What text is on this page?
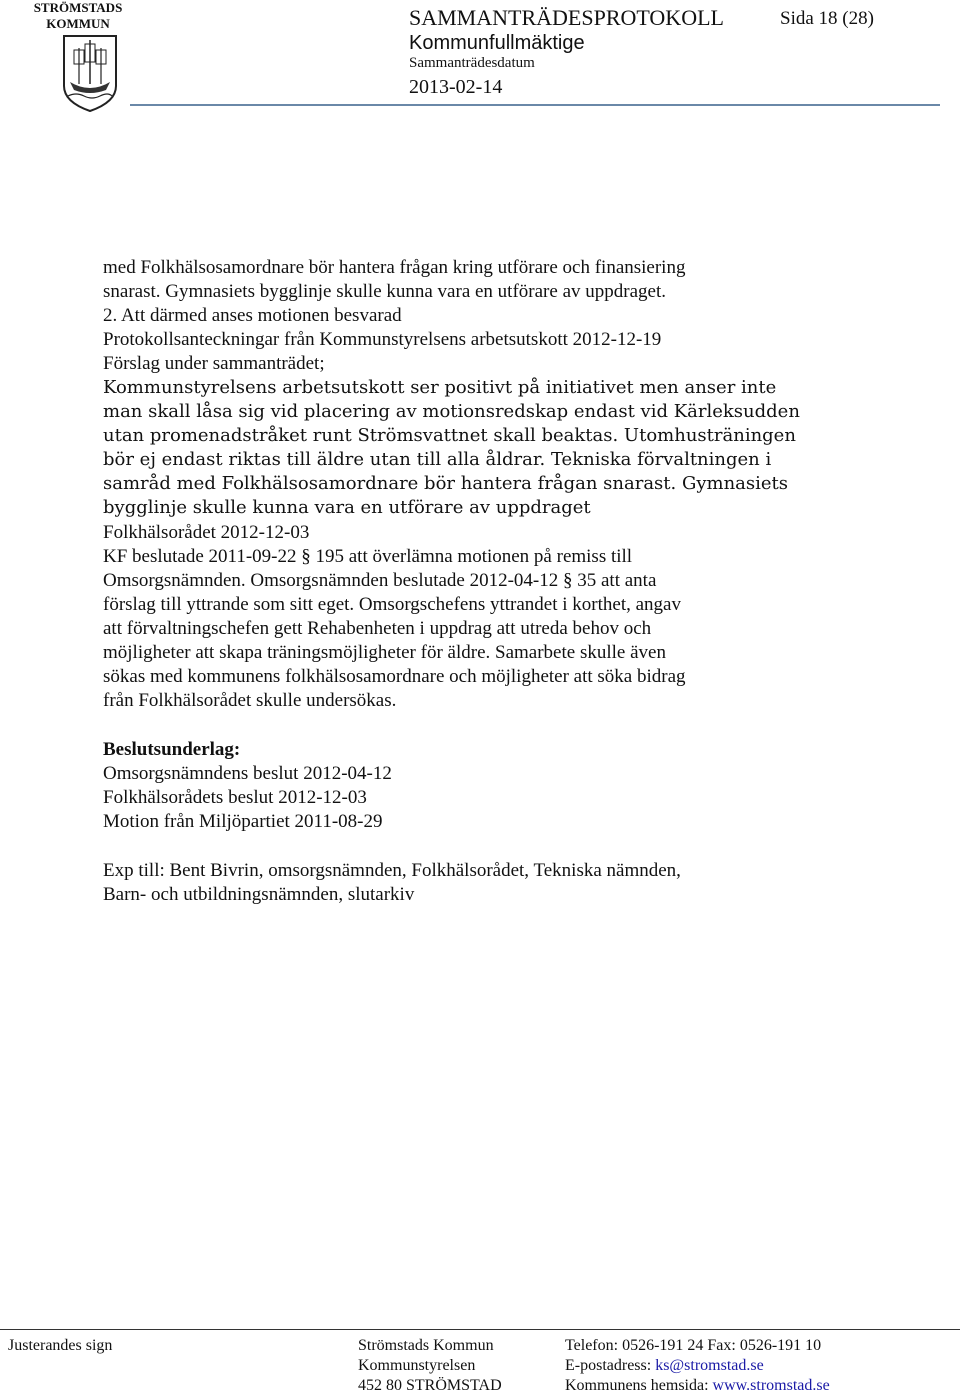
STRÖMSTADS
KOMMUN	SAMMANTRÄDESPROTOKOLL
Kommunfullmäktige
Sammanträdesdatum
2013-02-14
Sida 18 (28)
med Folkhälsosamordnare bör hantera frågan kring utförare och finansiering
snarast. Gymnasiets bygglinje skulle kunna vara en utförare av uppdraget.
2. Att därmed anses motionen besvarad
Protokollsanteckningar från Kommunstyrelsens arbetsutskott 2012-12-19
Förslag under sammanträdet;
Kommunstyrelsens arbetsutskott ser positivt på initiativet men anser inte
man skall låsa sig vid placering av motionsredskap endast vid Kärleksudden
utan promenadstråket runt Strömsvattnet skall beaktas. Utomhusträningen
bör ej endast riktas till äldre utan till alla åldrar. Tekniska förvaltningen i
samråd med Folkhälsosamordnare bör hantera frågan snarast. Gymnasiets
bygglinje skulle kunna vara en utförare av uppdraget
Folkhälsorådet 2012-12-03
KF beslutade 2011-09-22 § 195 att överlämna motionen på remiss till
Omsorgsnämnden. Omsorgsnämnden beslutade 2012-04-12 § 35 att anta
förslag till yttrande som sitt eget. Omsorgschefens yttrandet i korthet, angav
att förvaltningschefen gett Rehabenheten i uppdrag att utreda behov och
möjligheter att skapa träningsmöjligheter för äldre. Samarbete skulle även
sökas med kommunens folkhälsosamordnare och möjligheter att söka bidrag
från Folkhälsorådet skulle undersökas.
Beslutsunderlag:
Omsorgsnämndens beslut 2012-04-12
Folkhälsorådets beslut 2012-12-03
Motion från Miljöpartiet 2011-08-29
Exp till: Bent Bivrin, omsorgsnämnden, Folkhälsorådet, Tekniska nämnden,
Barn- och utbildningsnämnden, slutarkiv
Justerandes sign	Strömstads Kommun
Kommunstyrelsen
452 80 STRÖMSTAD
Telefon: 0526-191 24 Fax: 0526-191 10
E-postadress: ks@stromstad.se
Kommunens hemsida: www.stromstad.se
